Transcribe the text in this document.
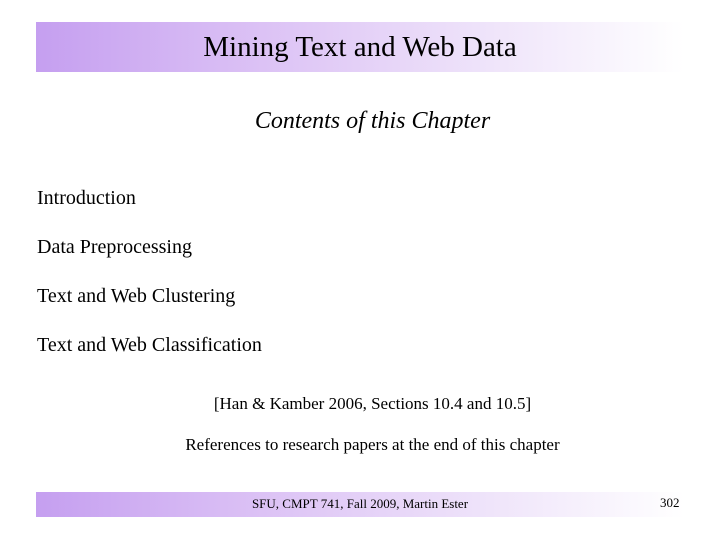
Mining Text and Web Data
Contents of this Chapter
Introduction
Data Preprocessing
Text and Web Clustering
Text and Web Classification
[Han & Kamber 2006, Sections 10.4 and 10.5]
References to research papers at the end of this chapter
SFU, CMPT 741, Fall 2009, Martin Ester	302
